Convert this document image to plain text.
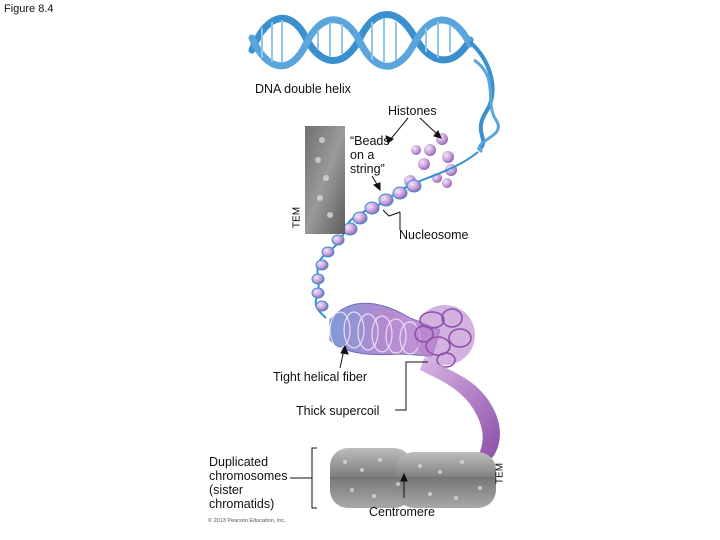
Figure 8.4
DNA double helix
Histones
“Beads
on a
string”
TEM
Nucleosome
Tight helical fiber
Thick supercoil
Duplicated
chromosomes
(sister
chromatids)
TEM
Centromere
© 2013 Pearson Education, Inc.
